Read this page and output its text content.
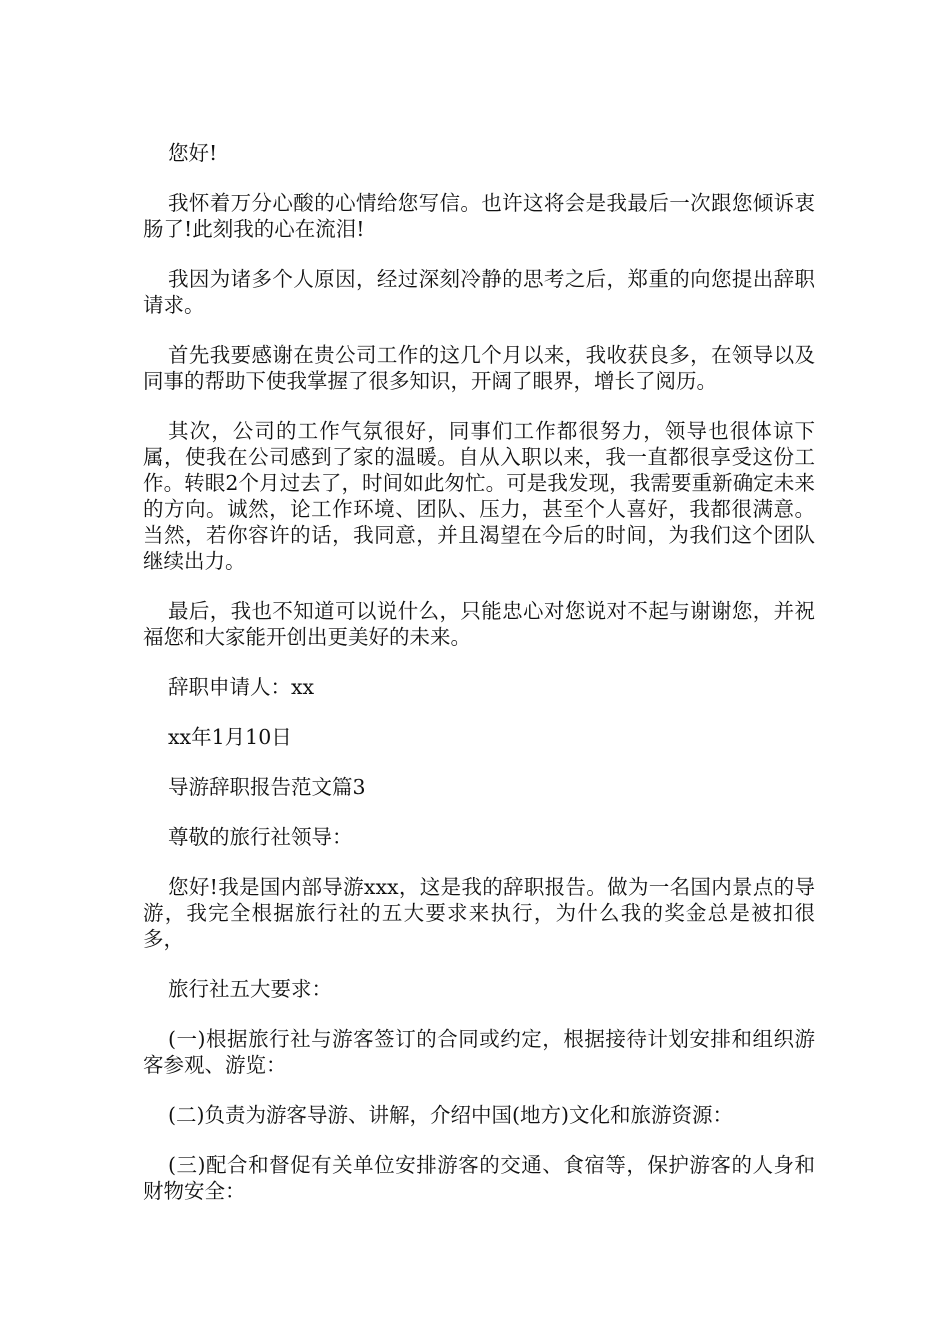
您好!

我怀着万分心酸的心情给您写信。也许这将会是我最后一次跟您倾诉衷肠了!此刻我的心在流泪!

我因为诸多个人原因，经过深刻冷静的思考之后，郑重的向您提出辞职请求。

首先我要感谢在贵公司工作的这几个月以来，我收获良多，在领导以及同事的帮助下使我掌握了很多知识，开阔了眼界，增长了阅历。

其次，公司的工作气氛很好，同事们工作都很努力，领导也很体谅下属，使我在公司感到了家的温暖。自从入职以来，我一直都很享受这份工作。转眼2个月过去了，时间如此匆忙。可是我发现，我需要重新确定未来的方向。诚然，论工作环境、团队、压力，甚至个人喜好，我都很满意。当然，若你容许的话，我同意，并且渴望在今后的时间，为我们这个团队继续出力。

最后，我也不知道可以说什么，只能忠心对您说对不起与谢谢您，并祝福您和大家能开创出更美好的未来。

辞职申请人：xx

xx年1月10日

导游辞职报告范文篇3

尊敬的旅行社领导：

您好!我是国内部导游xxx，这是我的辞职报告。做为一名国内景点的导游，我完全根据旅行社的五大要求来执行，为什么我的奖金总是被扣很多，

旅行社五大要求：

(一)根据旅行社与游客签订的合同或约定，根据接待计划安排和组织游客参观、游览：

(二)负责为游客导游、讲解，介绍中国(地方)文化和旅游资源：

(三)配合和督促有关单位安排游客的交通、食宿等，保护游客的人身和财物安全：
